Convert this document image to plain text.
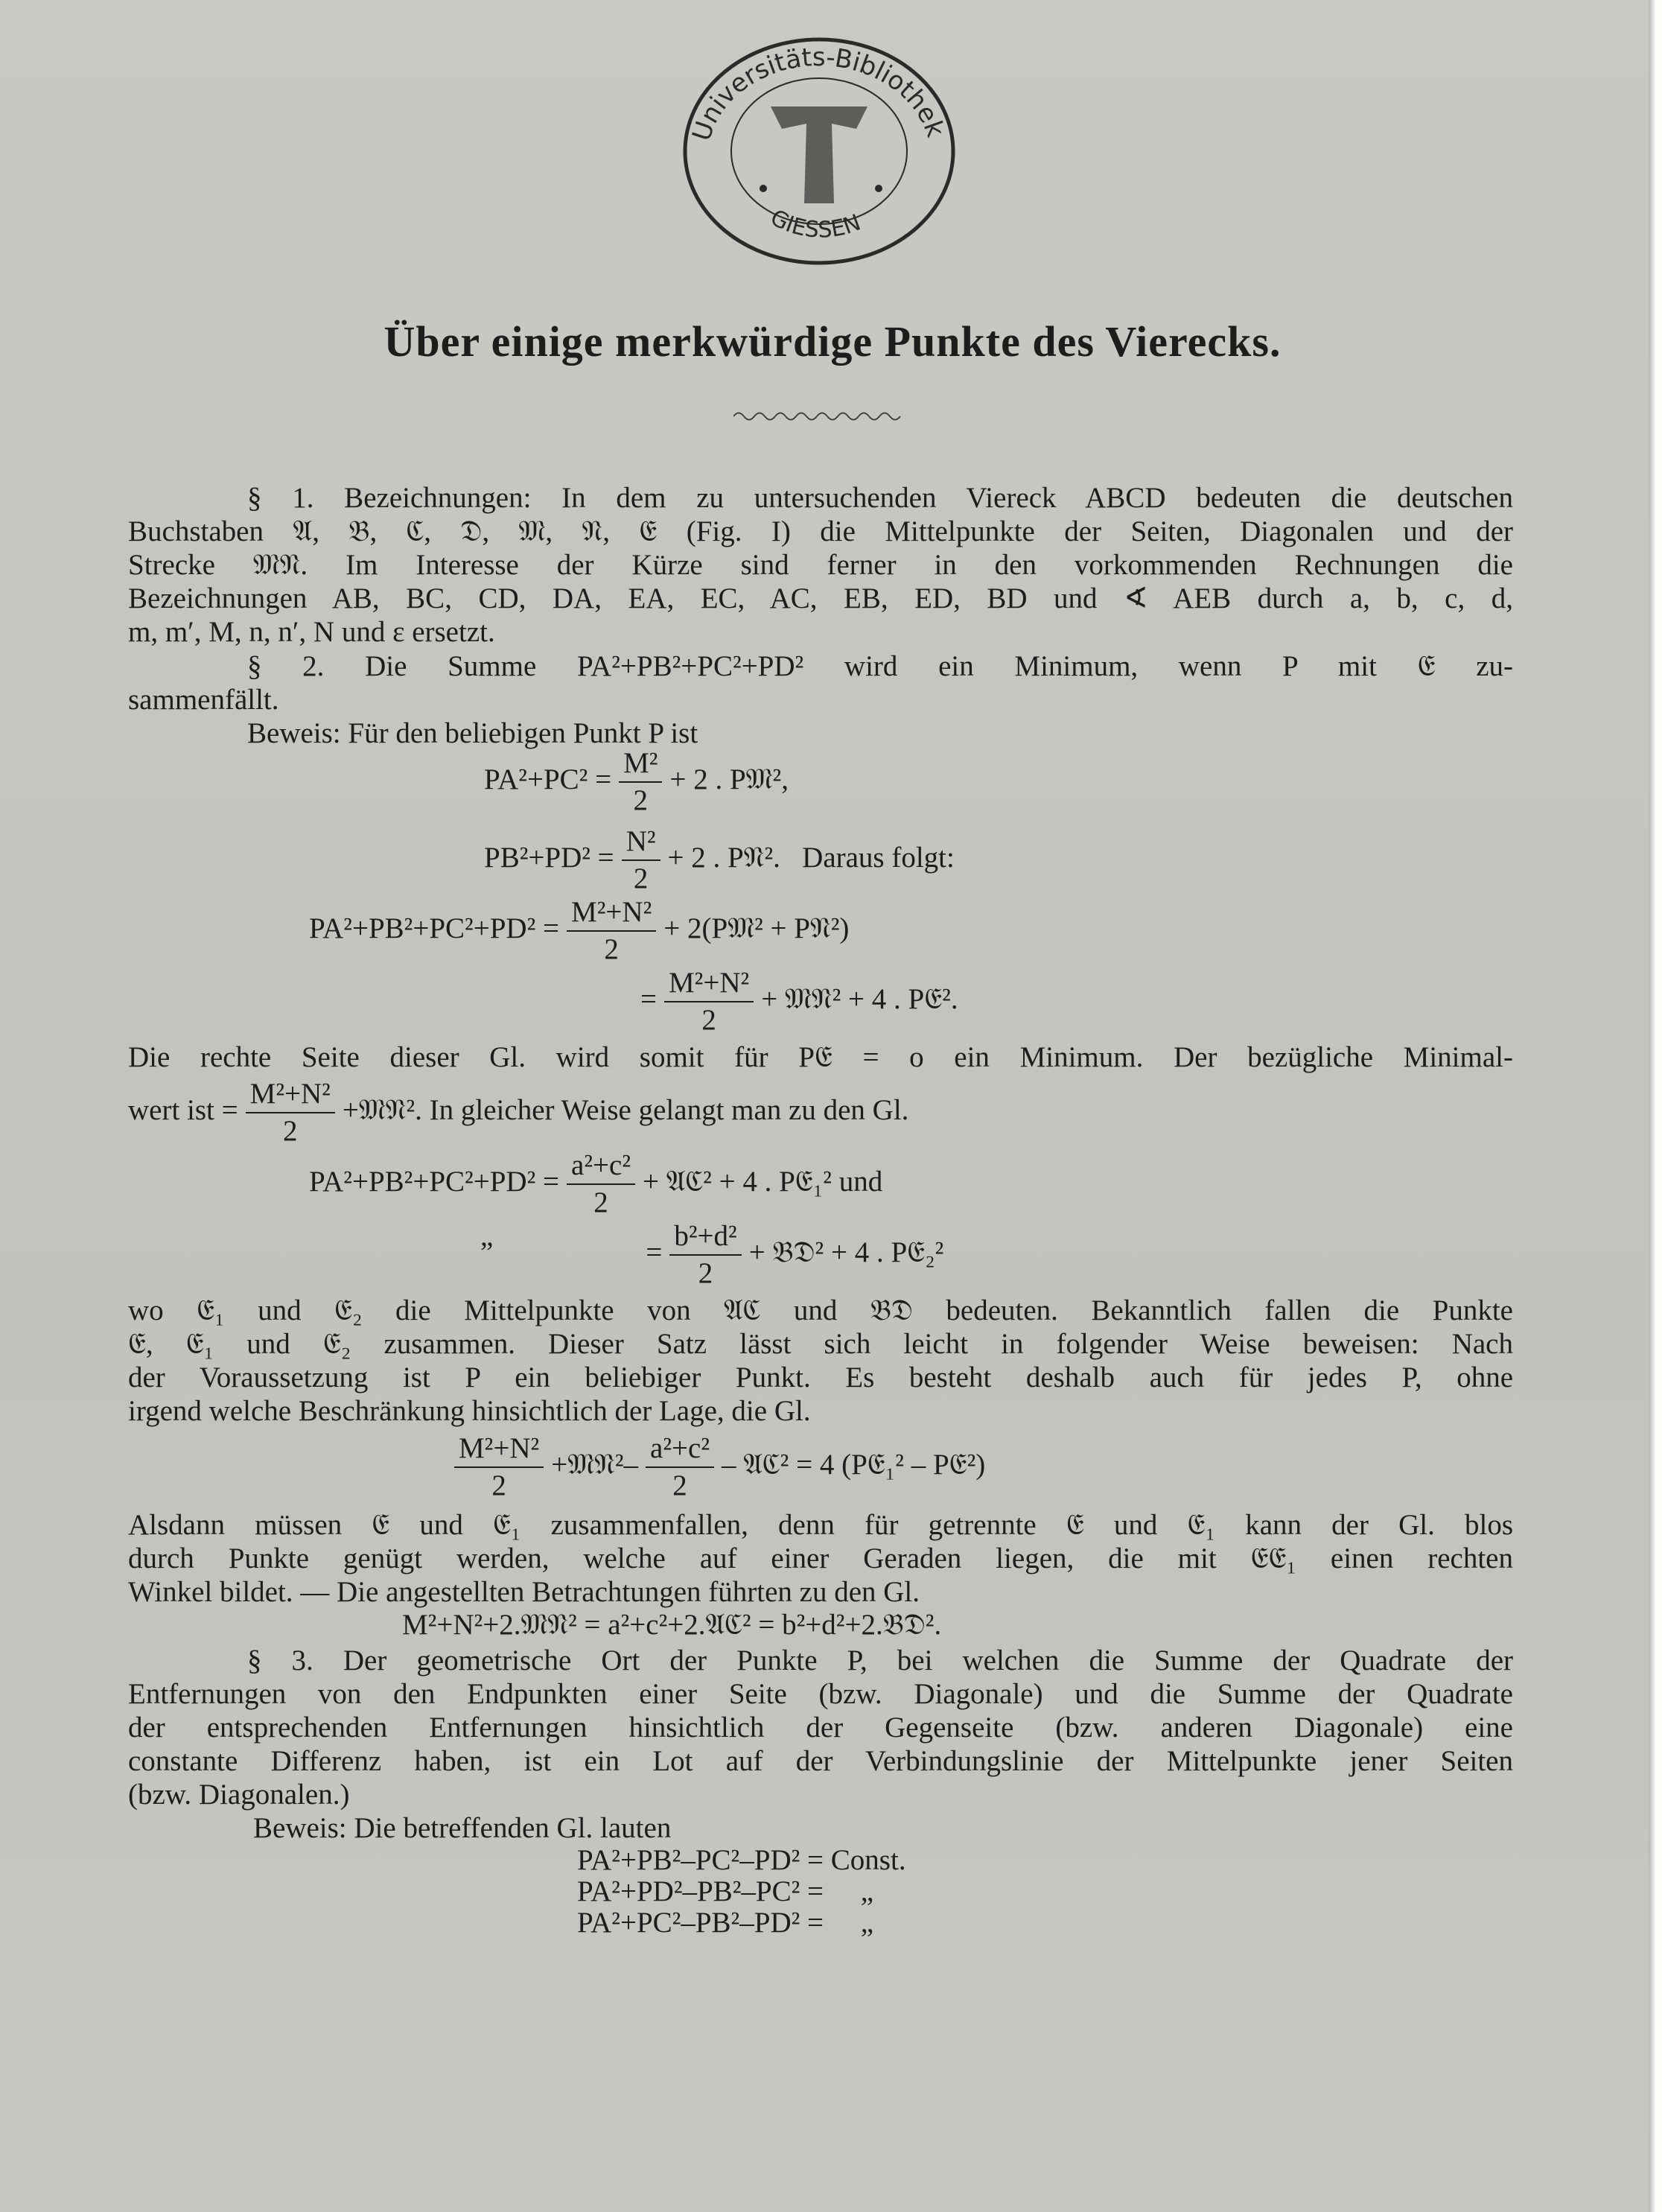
Universitäts-Bibliothek
GIESSEN
Über einige merkwürdige Punkte des Vierecks.

§ 1. Bezeichnungen: In dem zu untersuchenden Viereck ABCD bedeuten die deutschen

Buchstaben 𝔄, 𝔅, ℭ, 𝔇, 𝔐, 𝔑, 𝔈 (Fig. I) die Mittelpunkte der Seiten, Diagonalen und der

Strecke 𝔐𝔑. Im Interesse der Kürze sind ferner in den vorkommenden Rechnungen die

Bezeichnungen AB, BC, CD, DA, EA, EC, AC, EB, ED, BD und ∢ AEB durch a, b, c, d,

m, m′, M, n, n′, N und ε ersetzt.

§ 2. Die Summe PA²+PB²+PC²+PD² wird ein Minimum, wenn P mit 𝔈 zu-

sammenfällt.

Beweis: Für den beliebigen Punkt P ist

$PA^2+PC^2 = \frac{\text{M²}}{2} + 2$ . P𝔐²,
$PB^2+PD^2 = \frac{\text{N²}}{2} + 2$ . P𝔑². Daraus folgt:
$PA^2+PB^2+PC^2+PD^2 = \frac{\text{M²+N²}}{2}$ + 2(P𝔐² + P𝔑²)
= $\frac{\text{M²+N²}}{2}$ + 𝔐𝔑² + 4 . P𝔈².

Die rechte Seite dieser Gl. wird somit für P𝔈 = o ein Minimum. Der bezügliche Minimal-

wert ist = $\frac{\text{M²+N²}}{2}$ +𝔐𝔑². In gleicher Weise gelangt man zu den Gl.
$PA^2+PB^2+PC^2+PD^2 = \frac{\text{a²+c²}}{2}$ + 𝔄ℭ² + 4 . P𝔈₁² und
”	= $\frac{\text{b²+d²}}{2}$ + 𝔅𝔇² + 4 . P𝔈₂²

wo 𝔈₁ und 𝔈₂ die Mittelpunkte von 𝔄ℭ und 𝔅𝔇 bedeuten. Bekanntlich fallen die Punkte

𝔈, 𝔈₁ und 𝔈₂ zusammen. Dieser Satz lässt sich leicht in folgender Weise beweisen: Nach

der Voraussetzung ist P ein beliebiger Punkt. Es besteht deshalb auch für jedes P, ohne

irgend welche Beschränkung hinsichtlich der Lage, die Gl.

$\frac{\text{M²+N²}}{2}$ +𝔐𝔑²– $\frac{\text{a²+c²}}{2}$ – 𝔄ℭ² = 4 (P𝔈₁² – P𝔈²)

Alsdann müssen 𝔈 und 𝔈₁ zusammenfallen, denn für getrennte 𝔈 und 𝔈₁ kann der Gl. blos

durch Punkte genügt werden, welche auf einer Geraden liegen, die mit 𝔈𝔈₁ einen rechten

Winkel bildet. — Die angestellten Betrachtungen führten zu den Gl.

M²+N²+2.𝔐𝔑² = a²+c²+2.𝔄ℭ² = b²+d²+2.𝔅𝔇².

§ 3. Der geometrische Ort der Punkte P, bei welchen die Summe der Quadrate der

Entfernungen von den Endpunkten einer Seite (bzw. Diagonale) und die Summe der Quadrate

der entsprechenden Entfernungen hinsichtlich der Gegenseite (bzw. anderen Diagonale) eine

constante Differenz haben, ist ein Lot auf der Verbindungslinie der Mittelpunkte jener Seiten

(bzw. Diagonalen.)

Beweis: Die betreffenden Gl. lauten

PA²+PB²–PC²–PD² = Const.
PA²+PD²–PB²–PC² = „
PA²+PC²–PB²–PD² = „
